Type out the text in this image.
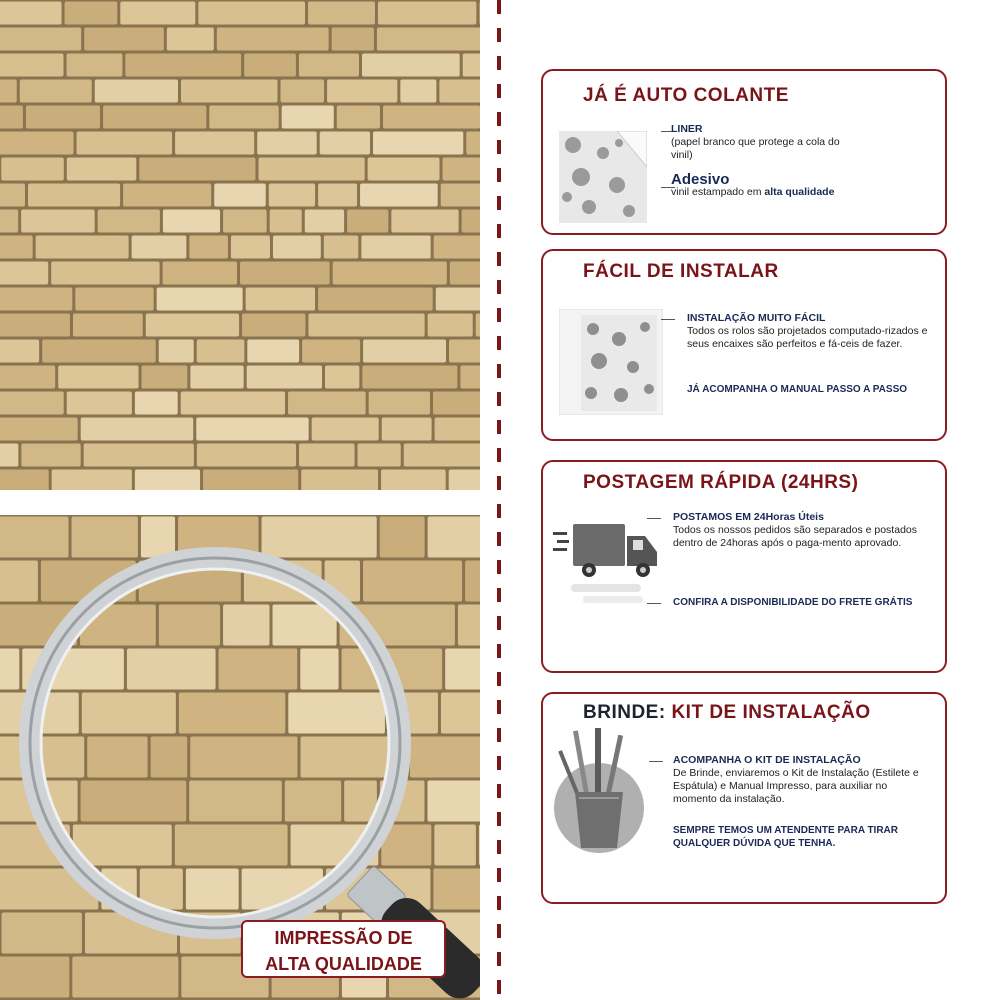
IMPRESSÃO DE
ALTA QUALIDADE
JÁ É AUTO COLANTE
LINER
(papel branco que protege a cola do vinil)
Adesivo
vinil estampado em alta qualidade
FÁCIL DE INSTALAR
INSTALAÇÃO MUITO FÁCIL
Todos os rolos são projetados computado-rizados e seus encaixes são perfeitos e fá-ceis de fazer.
JÁ ACOMPANHA O MANUAL PASSO A PASSO
POSTAGEM RÁPIDA (24HRS)
POSTAMOS EM 24Horas Úteis
Todos os nossos pedidos são separados e postados dentro de 24horas após o paga-mento aprovado.
CONFIRA A DISPONIBILIDADE DO FRETE GRÁTIS
BRINDE: KIT DE INSTALAÇÃO
ACOMPANHA O KIT DE INSTALAÇÃO
De Brinde, enviaremos o Kit de Instalação (Estilete e Espátula) e Manual Impresso, para auxiliar no momento da instalação.
SEMPRE TEMOS UM ATENDENTE PARA TIRAR QUALQUER DÚVIDA QUE TENHA.
